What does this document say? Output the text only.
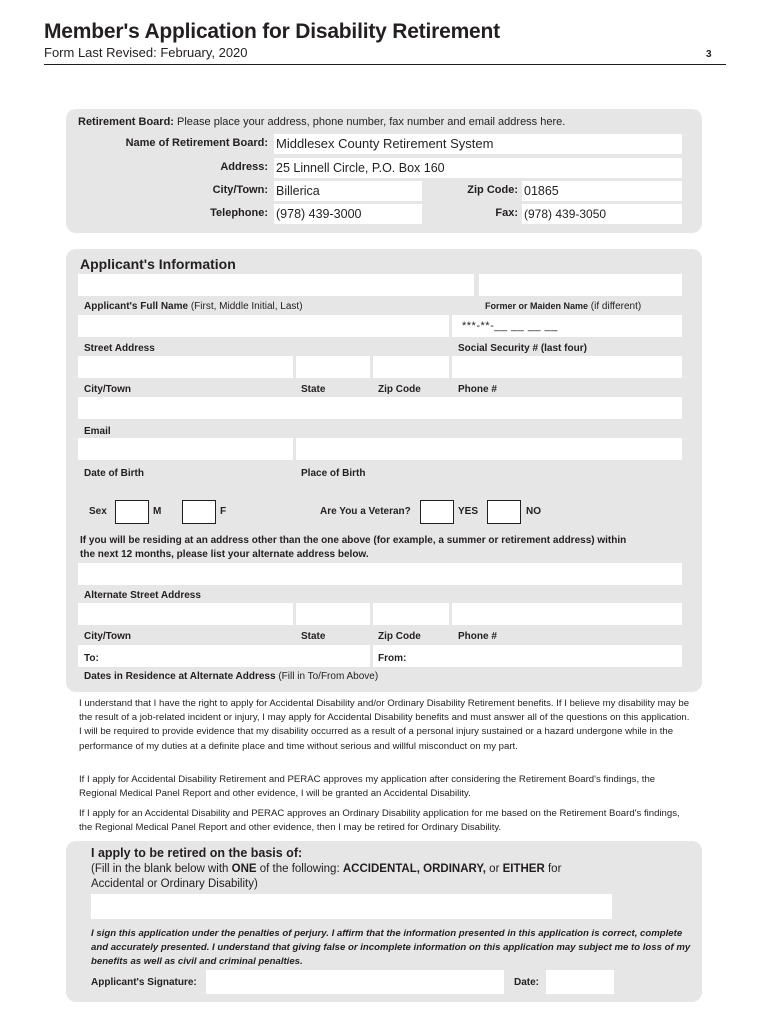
Member's Application for Disability Retirement
Form Last Revised: February, 2020	3
Retirement Board: Please place your address, phone number, fax number and email address here.
Name of Retirement Board: Middlesex County Retirement System
Address: 25 Linnell Circle, P.O. Box 160
City/Town: Billerica	Zip Code: 01865
Telephone: (978) 439-3000	Fax: (978) 439-3050
Applicant's Information
Applicant's Full Name (First, Middle Initial, Last)	Former or Maiden Name (if different)
***-**-__ __ __ __
Street Address	Social Security # (last four)
City/Town	State	Zip Code	Phone #
Email
Date of Birth	Place of Birth
Sex	M	F	Are You a Veteran?	YES	NO
If you will be residing at an address other than the one above (for example, a summer or retirement address) within the next 12 months, please list your alternate address below.
Alternate Street Address
City/Town	State	Zip Code	Phone #
To:	From:
Dates in Residence at Alternate Address (Fill in To/From Above)
I understand that I have the right to apply for Accidental Disability and/or Ordinary Disability Retirement benefits. If I believe my disability may be the result of a job-related incident or injury, I may apply for Accidental Disability benefits and must answer all of the questions on this application. I will be required to provide evidence that my disability occurred as a result of a personal injury sustained or a hazard undergone while in the performance of my duties at a definite place and time without serious and willful misconduct on my part.
If I apply for Accidental Disability Retirement and PERAC approves my application after considering the Retirement Board's findings, the Regional Medical Panel Report and other evidence, I will be granted an Accidental Disability.
If I apply for an Accidental Disability and PERAC approves an Ordinary Disability application for me based on the Retirement Board's findings, the Regional Medical Panel Report and other evidence, then I may be retired for Ordinary Disability.
I apply to be retired on the basis of:
(Fill in the blank below with ONE of the following: ACCIDENTAL, ORDINARY, or EITHER for
Accidental or Ordinary Disability)
I sign this application under the penalties of perjury. I affirm that the information presented in this application is correct, complete and accurately presented. I understand that giving false or incomplete information on this application may subject me to loss of my benefits as well as civil and criminal penalties.
Applicant's Signature:	Date:
